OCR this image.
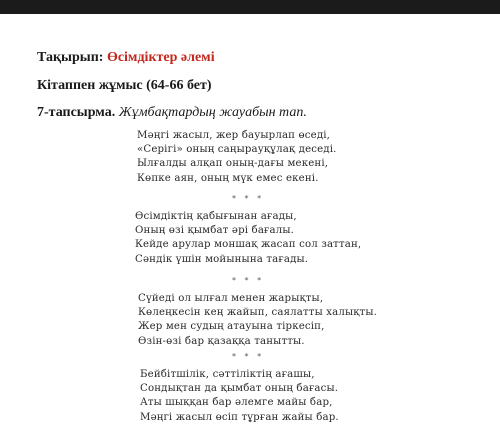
Тақырып: Өсімдіктер әлемі
Кітаппен жұмыс (64-66 бет)
7-тапсырма. Жұмбақтардың жауабын тап.
Мәңгі жасыл, жер бауырлап өседі,
«Серігі» оның саңырауқұлақ деседі.
Ылғалды алқап оның-дағы мекені,
Көпке аян, оның мүк емес екені.
* * *
Өсімдіктің қабығынан ағады,
Оның өзі қымбат әрі бағалы.
Кейде арулар моншақ жасап сол заттан,
Сәндік үшін мойынына тағады.
* * *
Сүйеді ол ылғал менен жарықты,
Көлеңкесін кең жайып, саялатты халықты.
Жер мен судың атауына тіркесіп,
Өзін-өзі бар қазаққа танытты.
* * *
Бейбітшілік, сәттіліктің ағашы,
Сондықтан да қымбат оның бағасы.
Аты шыққан бар әлемге майы бар,
Мәңгі жасыл өсіп тұрған жайы бар.
